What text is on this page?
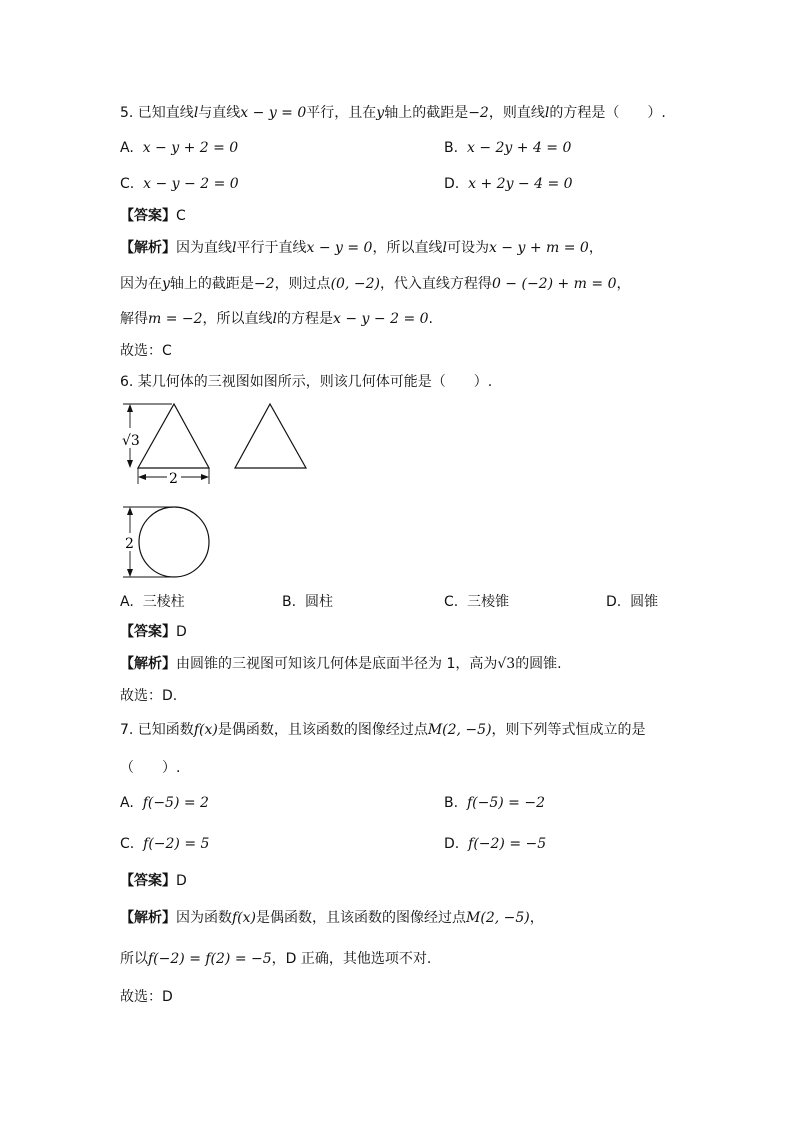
5. 已知直线l与直线x − y = 0平行，且在y轴上的截距是−2，则直线l的方程是（　　）.
A. x − y + 2 = 0	B. x − 2y + 4 = 0
C. x − y − 2 = 0	D. x + 2y − 4 = 0
【答案】C
【解析】因为直线l平行于直线x − y = 0，所以直线l可设为x − y + m = 0，
因为在y轴上的截距是−2，则过点(0, −2)，代入直线方程得0 − (−2) + m = 0，
解得m = −2，所以直线l的方程是x − y − 2 = 0.
故选：C
6. 某几何体的三视图如图所示，则该几何体可能是（　　）.
√3
2
2
A. 三棱柱	B. 圆柱	C. 三棱锥	D. 圆锥
【答案】D
【解析】由圆锥的三视图可知该几何体是底面半径为 1，高为√3的圆锥.
故选：D.
7. 已知函数f(x)是偶函数，且该函数的图像经过点M(2, −5)，则下列等式恒成立的是
（　　）.
A. f(−5) = 2	B. f(−5) = −2
C. f(−2) = 5	D. f(−2) = −5
【答案】D
【解析】因为函数f(x)是偶函数，且该函数的图像经过点M(2, −5)，
所以f(−2) = f(2) = −5，D 正确，其他选项不对.
故选：D
